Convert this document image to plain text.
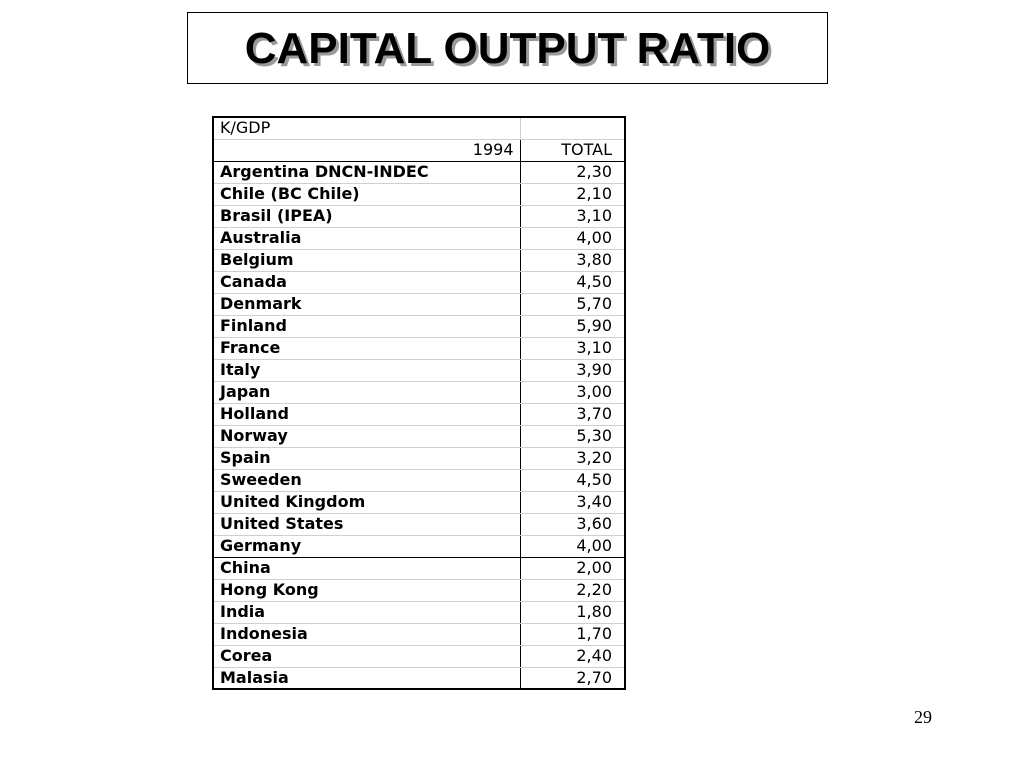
CAPITAL OUTPUT RATIO
K/GDP	
1994	TOTAL
Argentina DNCN-INDEC	2,30
Chile (BC Chile)	2,10
Brasil (IPEA)	3,10
Australia	4,00
Belgium	3,80
Canada	4,50
Denmark	5,70
Finland	5,90
France	3,10
Italy	3,90
Japan	3,00
Holland	3,70
Norway	5,30
Spain	3,20
Sweeden	4,50
United Kingdom	3,40
United States	3,60
Germany	4,00
China	2,00
Hong Kong	2,20
India	1,80
Indonesia	1,70
Corea	2,40
Malasia	2,70
29
